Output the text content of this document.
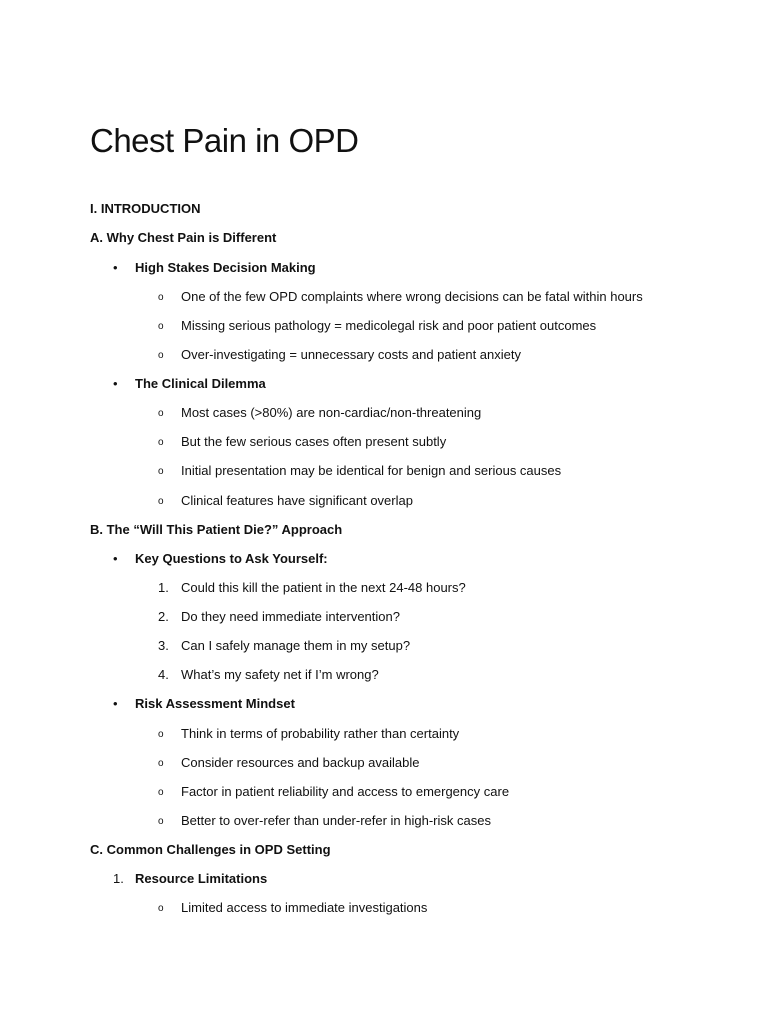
Chest Pain in OPD
I. INTRODUCTION
A. Why Chest Pain is Different
• High Stakes Decision Making
o One of the few OPD complaints where wrong decisions can be fatal within hours
o Missing serious pathology = medicolegal risk and poor patient outcomes
o Over-investigating = unnecessary costs and patient anxiety
• The Clinical Dilemma
o Most cases (>80%) are non-cardiac/non-threatening
o But the few serious cases often present subtly
o Initial presentation may be identical for benign and serious causes
o Clinical features have significant overlap
B. The “Will This Patient Die?” Approach
• Key Questions to Ask Yourself:
1. Could this kill the patient in the next 24-48 hours?
2. Do they need immediate intervention?
3. Can I safely manage them in my setup?
4. What’s my safety net if I’m wrong?
• Risk Assessment Mindset
o Think in terms of probability rather than certainty
o Consider resources and backup available
o Factor in patient reliability and access to emergency care
o Better to over-refer than under-refer in high-risk cases
C. Common Challenges in OPD Setting
1. Resource Limitations
o Limited access to immediate investigations
